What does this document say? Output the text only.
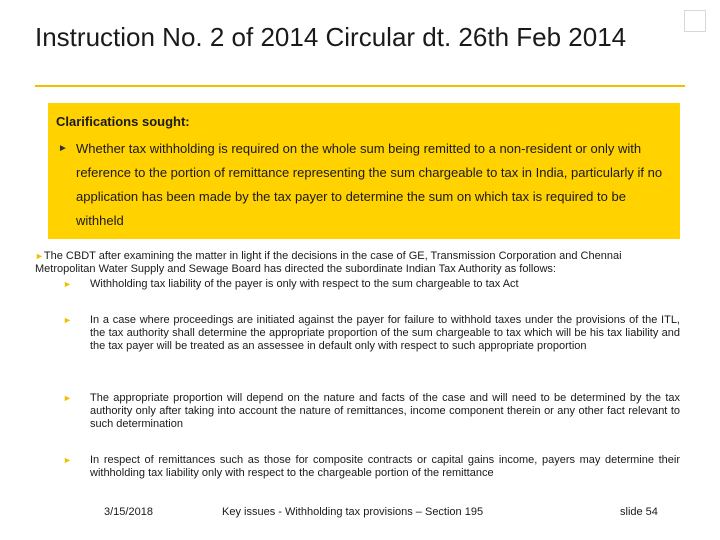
Instruction No. 2 of 2014 Circular dt. 26th Feb 2014
Clarifications sought:
► Whether tax withholding is required on the whole sum being remitted to a non-resident or only with reference to the portion of remittance representing the sum chargeable to tax in India, particularly if no application has been made by the tax payer to determine the sum on which tax is required to be withheld
►The CBDT after examining the matter in light if the decisions in the case of GE, Transmission Corporation and Chennai Metropolitan Water Supply and Sewage Board has directed the subordinate Indian Tax Authority as follows:
►	Withholding tax liability of the payer is only with respect to the sum chargeable to tax Act
►	In a case where proceedings are initiated against the payer for failure to withhold taxes under the provisions of the ITL, the tax authority shall determine the appropriate proportion of the sum chargeable to tax which will be his tax liability and the tax payer will be treated as an assessee in default only with respect to such appropriate proportion
►	The appropriate proportion will depend on the nature and facts of the case and will need to be determined by the tax authority only after taking into account the nature of remittances, income component therein or any other fact relevant to such determination
►	In respect of remittances such as those for composite contracts or capital gains income, payers may determine their withholding tax liability only with respect to the chargeable portion of the remittance
3/15/2018	Key issues - Withholding tax provisions – Section 195	slide 54
